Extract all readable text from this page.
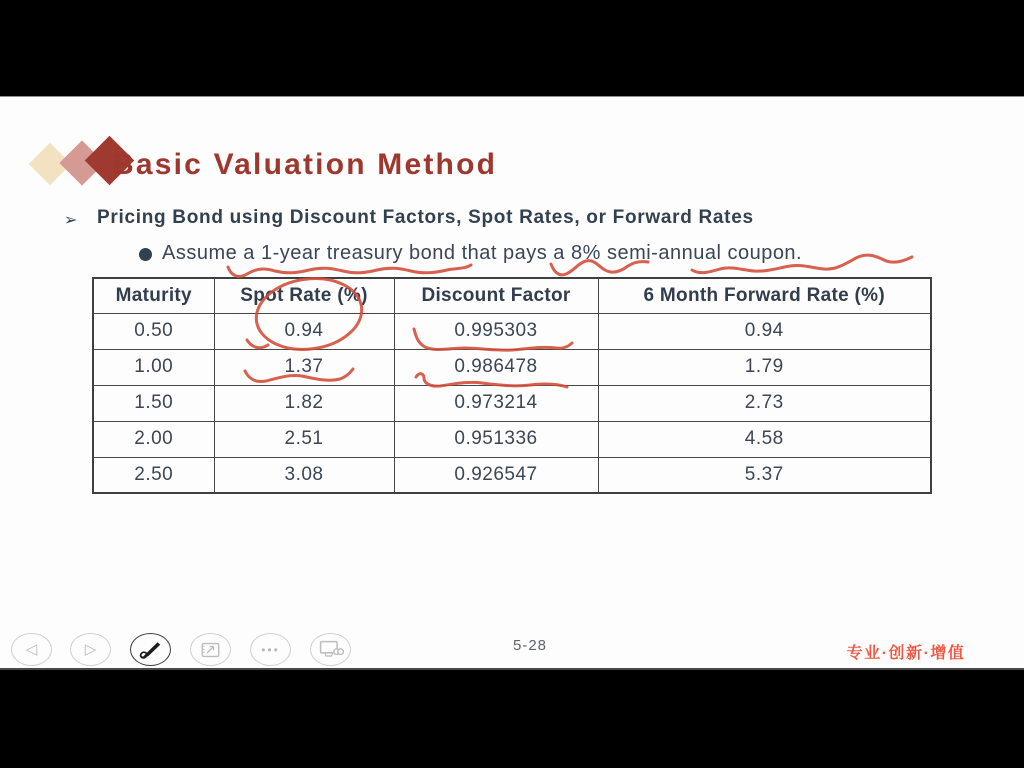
Basic Valuation Method
➢ Pricing Bond using Discount Factors, Spot Rates, or Forward Rates
Assume a 1-year treasury bond that pays a 8% semi-annual coupon.
Maturity	Spot Rate (%)	Discount Factor	6 Month Forward Rate (%)
0.50	0.94	0.995303	0.94
1.00	1.37	0.986478	1.79
1.50	1.82	0.973214	2.73
2.00	2.51	0.951336	4.58
2.50	3.08	0.926547	5.37
◁	▷	•••	5-28	专业·创新·增值
